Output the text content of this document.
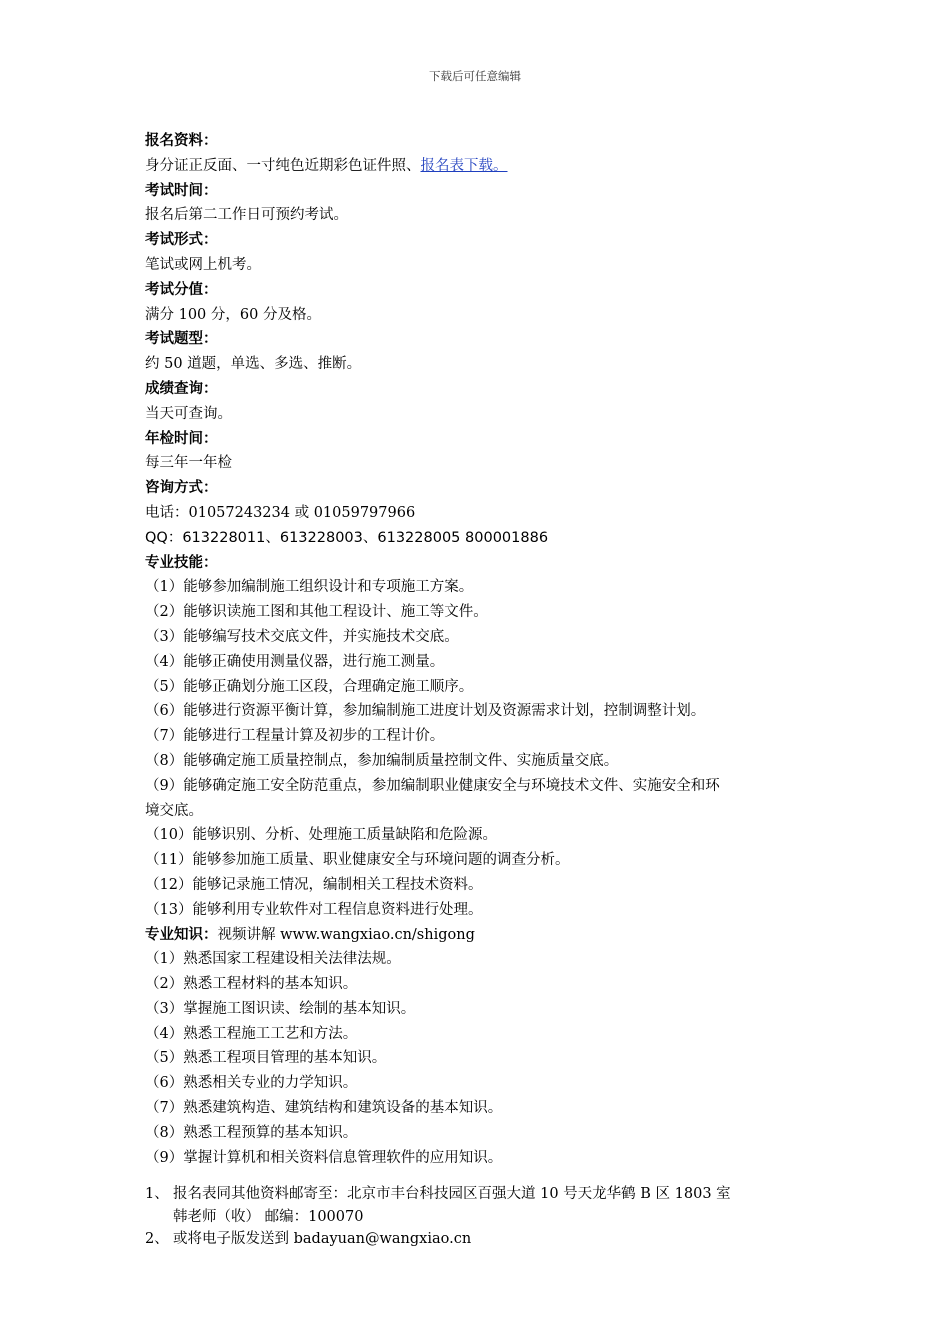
下载后可任意编辑
报名资料：
身分证正反面、一寸纯色近期彩色证件照、报名表下载。
考试时间：
报名后第二工作日可预约考试。
考试形式：
笔试或网上机考。
考试分值：
满分 100 分，60 分及格。
考试题型：
约 50 道题，单选、多选、推断。
成绩查询：
当天可查询。
年检时间：
每三年一年检
咨询方式：
电话：01057243234 或 01059797966
QQ：613228011、613228003、613228005 800001886
专业技能：
（1）能够参加编制施工组织设计和专项施工方案。
（2）能够识读施工图和其他工程设计、施工等文件。
（3）能够编写技术交底文件，并实施技术交底。
（4）能够正确使用测量仪器，进行施工测量。
（5）能够正确划分施工区段，合理确定施工顺序。
（6）能够进行资源平衡计算，参加编制施工进度计划及资源需求计划，控制调整计划。
（7）能够进行工程量计算及初步的工程计价。
（8）能够确定施工质量控制点，参加编制质量控制文件、实施质量交底。
（9）能够确定施工安全防范重点，参加编制职业健康安全与环境技术文件、实施安全和环
境交底。
（10）能够识别、分析、处理施工质量缺陷和危险源。
（11）能够参加施工质量、职业健康安全与环境问题的调查分析。
（12）能够记录施工情况，编制相关工程技术资料。
（13）能够利用专业软件对工程信息资料进行处理。
专业知识：视频讲解 www.wangxiao.cn/shigong
（1）熟悉国家工程建设相关法律法规。
（2）熟悉工程材料的基本知识。
（3）掌握施工图识读、绘制的基本知识。
（4）熟悉工程施工工艺和方法。
（5）熟悉工程项目管理的基本知识。
（6）熟悉相关专业的力学知识。
（7）熟悉建筑构造、建筑结构和建筑设备的基本知识。
（8）熟悉工程预算的基本知识。
（9）掌握计算机和相关资料信息管理软件的应用知识。
1、 报名表同其他资料邮寄至：北京市丰台科技园区百强大道 10 号天龙华鹤 B 区 1803 室
韩老师（收） 邮编：100070
2、 或将电子版发送到 badayuan@wangxiao.cn
